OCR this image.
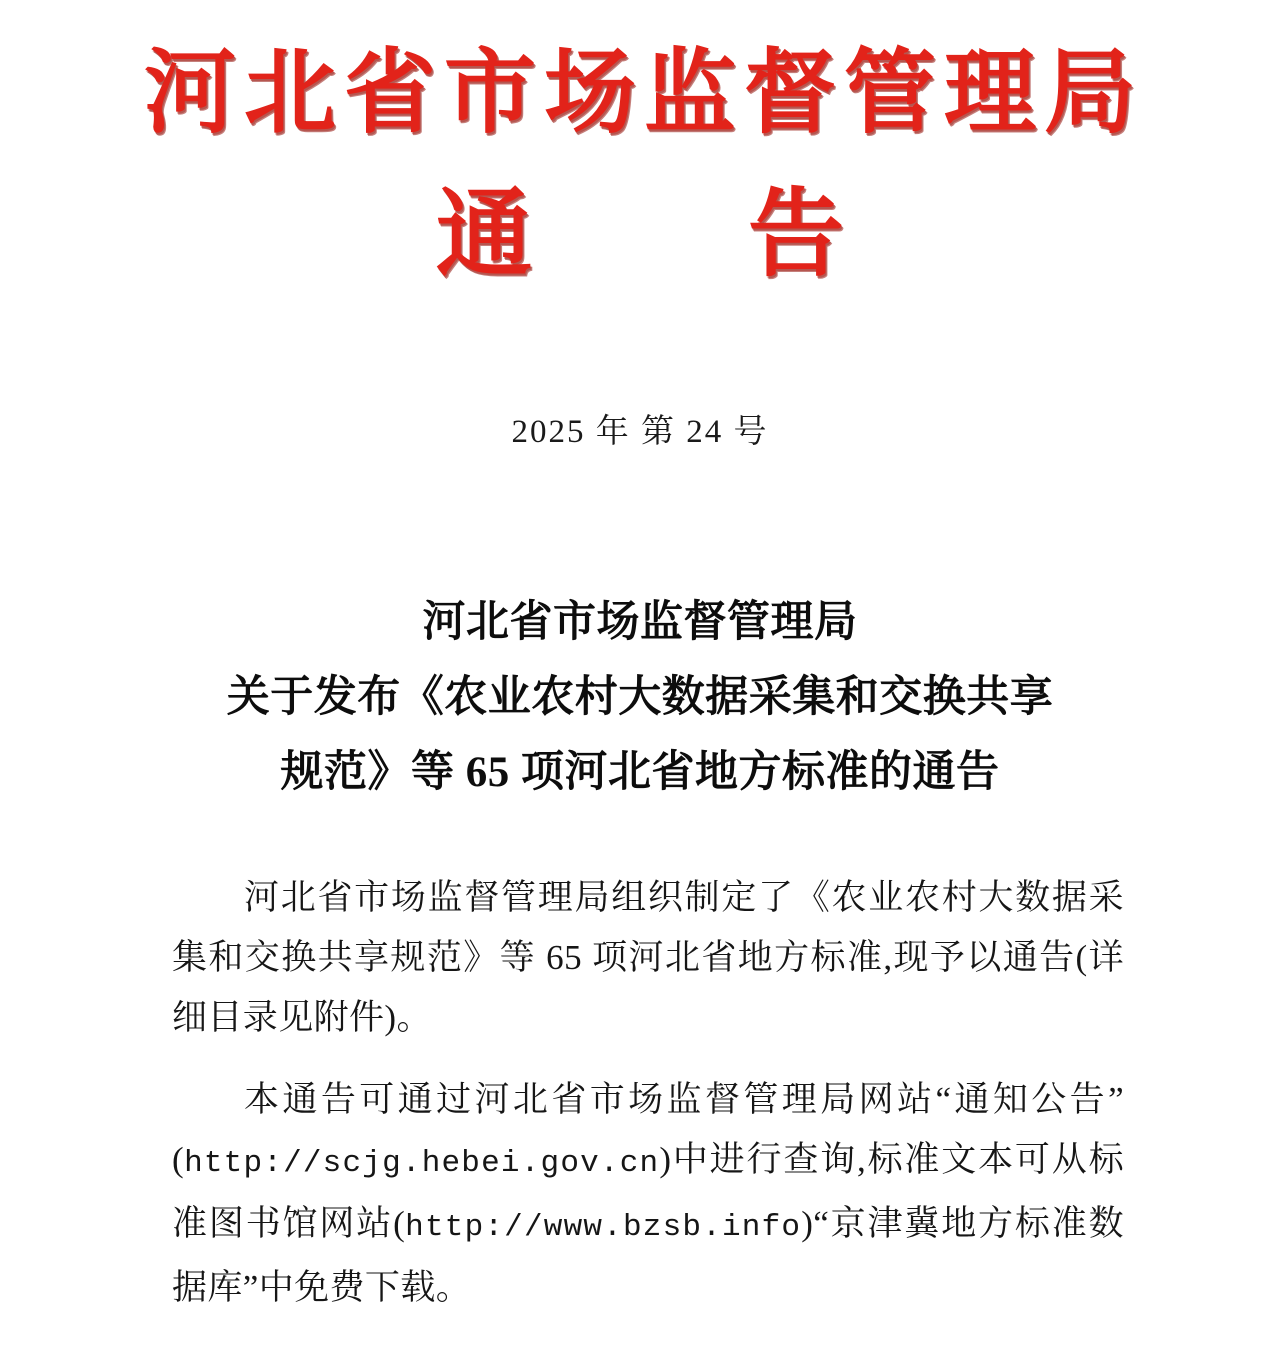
河北省市场监督管理局
通 告
2025 年 第 24 号
河北省市场监督管理局
关于发布《农业农村大数据采集和交换共享
规范》等 65 项河北省地方标准的通告

河北省市场监督管理局组织制定了《农业农村大数据采集和交换共享规范》等 65 项河北省地方标准,现予以通告(详细目录见附件)。

本通告可通过河北省市场监督管理局网站“通知公告”(http://scjg.hebei.gov.cn)中进行查询,标准文本可从标准图书馆网站(http://www.bzsb.info)“京津冀地方标准数据库”中免费下载。
